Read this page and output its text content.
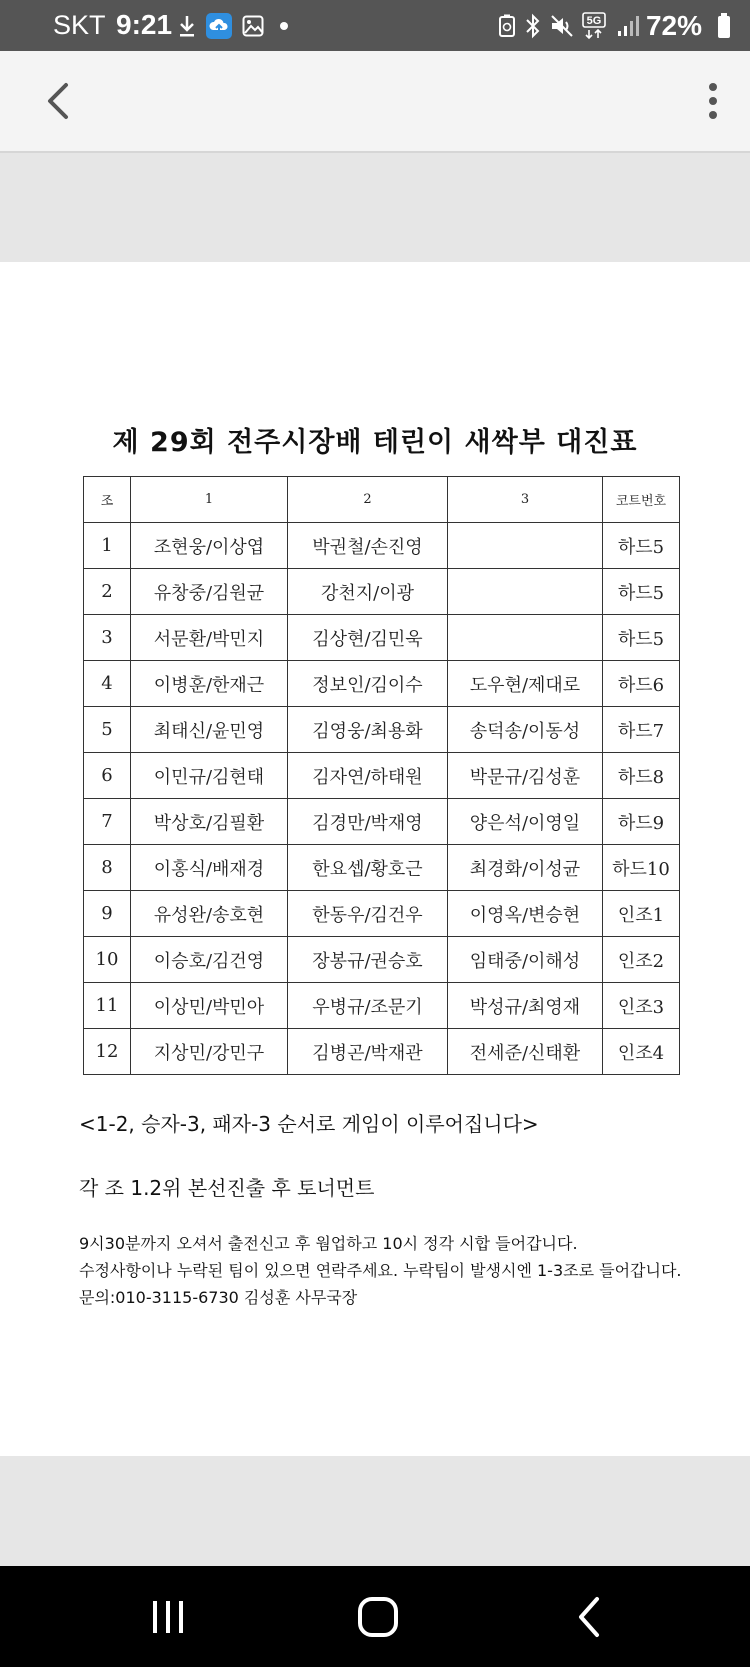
SKT 9:21	5G 72%
제 29회 전주시장배 테린이 새싹부 대진표
조	1	2	3	코트번호
1	조현웅/이상엽	박권철/손진영		하드5
2	유창중/김원균	강천지/이광		하드5
3	서문환/박민지	김상현/김민욱		하드5
4	이병훈/한재근	정보인/김이수	도우현/제대로	하드6
5	최태신/윤민영	김영웅/최용화	송덕송/이동성	하드7
6	이민규/김현태	김자연/하태원	박문규/김성훈	하드8
7	박상호/김필환	김경만/박재영	양은석/이영일	하드9
8	이홍식/배재경	한요셉/황호근	최경화/이성균	하드10
9	유성완/송호현	한동우/김건우	이영옥/변승현	인조1
10	이승호/김건영	장봉규/권승호	임태중/이해성	인조2
11	이상민/박민아	우병규/조문기	박성규/최영재	인조3
12	지상민/강민구	김병곤/박재관	전세준/신태환	인조4
<1-2, 승자-3, 패자-3 순서로 게임이 이루어집니다>
각 조 1.2위 본선진출 후 토너먼트
9시30분까지 오셔서 출전신고 후 웜업하고 10시 정각 시합 들어갑니다.
수정사항이나 누락된 팀이 있으면 연락주세요. 누락팀이 발생시엔 1-3조로 들어갑니다.
문의:010-3115-6730 김성훈 사무국장
